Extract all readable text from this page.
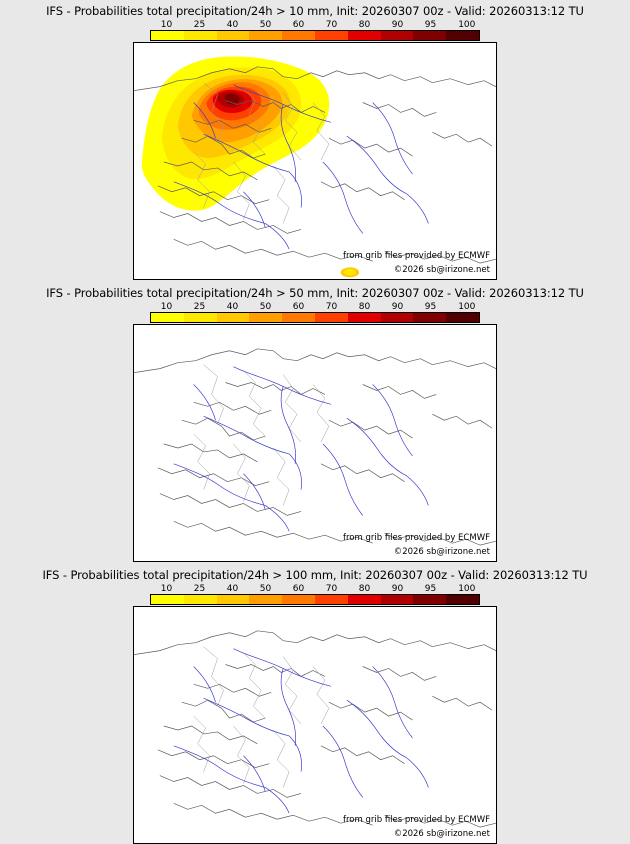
IFS - Probabilities total precipitation/24h > 10 mm, Init: 20260307 00z - Valid: 20260313:12 TU
10 25 40 50 60 70 80 90 95 100
from grib files provided by ECMWF
©2026 sb@irizone.net
IFS - Probabilities total precipitation/24h > 50 mm, Init: 20260307 00z - Valid: 20260313:12 TU
10 25 40 50 60 70 80 90 95 100
from grib files provided by ECMWF
©2026 sb@irizone.net
IFS - Probabilities total precipitation/24h > 100 mm, Init: 20260307 00z - Valid: 20260313:12 TU
10 25 40 50 60 70 80 90 95 100
from grib files provided by ECMWF
©2026 sb@irizone.net
